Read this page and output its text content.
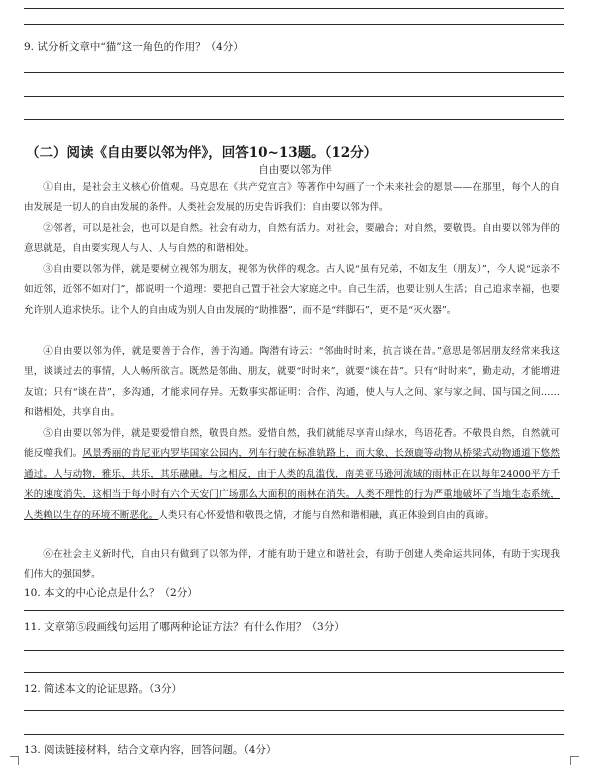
9. 试分析文章中“猫”这一角色的作用？（4分）
（二）阅读《自由要以邻为伴》，回答10~13题。（12分）
自由要以邻为伴
①自由，是社会主义核心价值观。马克思在《共产党宣言》等著作中勾画了一个未来社会的愿景——在那里，每个人的自由发展是一切人的自由发展的条件。人类社会发展的历史告诉我们：自由要以邻为伴。
②邻者，可以是社会，也可以是自然。社会有动力，自然有活力。对社会，要融合；对自然，要敬畏。自由要以邻为伴的意思就是，自由要实现人与人、人与自然的和谐相处。
③自由要以邻为伴，就是要树立视邻为朋友，视邻为伙伴的观念。古人说“虽有兄弟，不如友生（朋友）”，今人说“远亲不如近邻，近邻不如对门”，都说明一个道理：要把自己置于社会大家庭之中。自己生活，也要让别人生活；自己追求幸福，也要允许别人追求快乐。让个人的自由成为别人自由发展的“助推器”，而不是“绊脚石”，更不是“灭火器”。
④自由要以邻为伴，就是要善于合作，善于沟通。陶潜有诗云：“邻曲时时来，抗言谈在昔。”意思是邻居朋友经常来我这里，谈谈过去的事情，人人畅所欲言。既然是邻曲、朋友，就要“时时来”，就要“谈在昔”。只有“时时来”，勤走动，才能增进友谊；只有“谈在昔”，多沟通，才能求同存异。无数事实都证明：合作、沟通，使人与人之间、家与家之间、国与国之间……和谐相处，共享自由。
⑤自由要以邻为伴，就是要爱惜自然，敬畏自然。爱惜自然，我们就能尽享青山绿水，鸟语花香。不敬畏自然，自然就可能反噬我们。风景秀丽的肯尼亚内罗毕国家公园内，列车行驶在标准轨路上，而大象、长颈鹿等动物从桥梁式动物通道下悠然通过。人与动物，雅乐、共乐，其乐融融。与之相反，由于人类的乱滥伐，南美亚马逊河流域的雨林正在以每年24000平方千米的速度消失，这相当于每小时有六个天安门广场那么大面积的雨林在消失。人类不理性的行为严重地破坏了当地生态系统，人类赖以生存的环境不断恶化。人类只有心怀爱惜和敬畏之情，才能与自然和谐相融，真正体验到自由的真谛。
⑥在社会主义新时代，自由只有做到了以邻为伴，才能有助于建立和谐社会，有助于创建人类命运共同体，有助于实现我们伟大的强国梦。
10. 本文的中心论点是什么？（2分）
11. 文章第⑤段画线句运用了哪两种论证方法？有什么作用？（3分）
12. 简述本文的论证思路。（3分）
13. 阅读链接材料，结合文章内容，回答问题。（4分）
